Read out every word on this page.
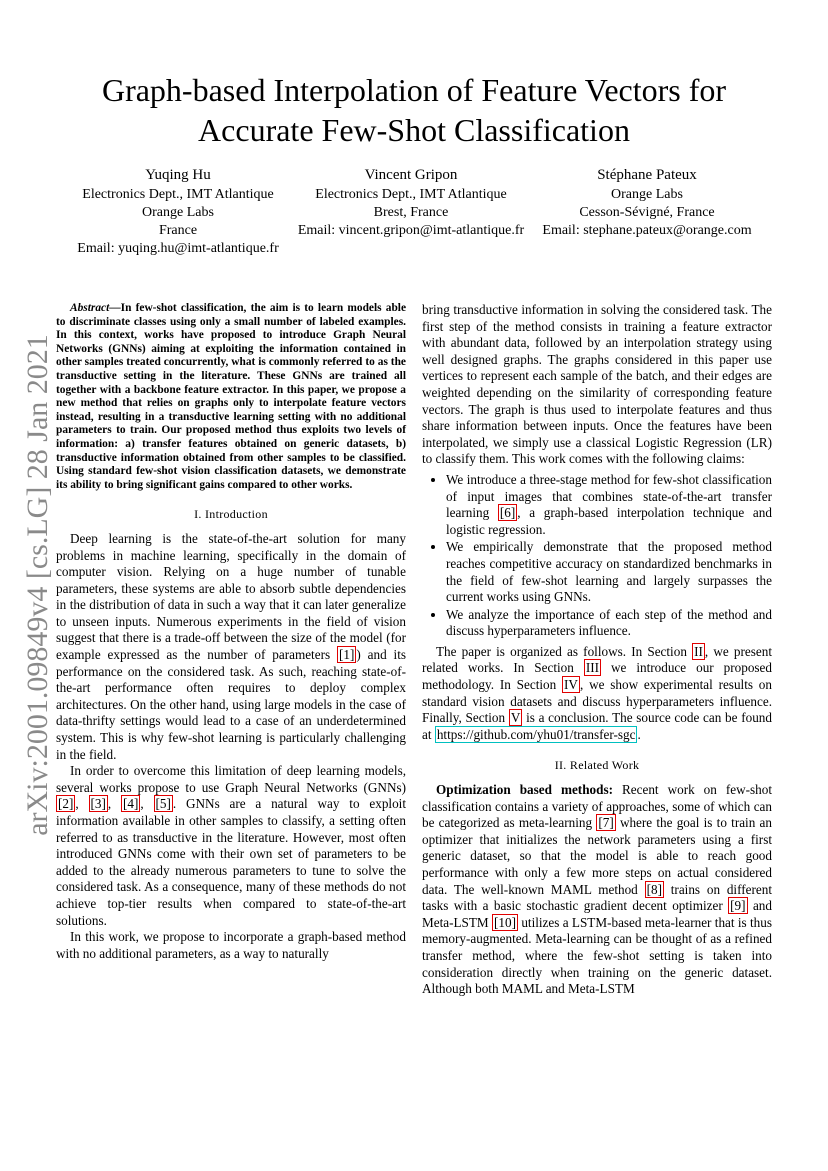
arXiv:2001.09849v4 [cs.LG] 28 Jan 2021
Graph-based Interpolation of Feature Vectors for Accurate Few-Shot Classification
Yuqing Hu
Electronics Dept., IMT Atlantique
Orange Labs
France
Email: yuqing.hu@imt-atlantique.fr
Vincent Gripon
Electronics Dept., IMT Atlantique
Brest, France
Email: vincent.gripon@imt-atlantique.fr
Stéphane Pateux
Orange Labs
Cesson-Sévigné, France
Email: stephane.pateux@orange.com
Abstract—In few-shot classification, the aim is to learn models able to discriminate classes using only a small number of labeled examples. In this context, works have proposed to introduce Graph Neural Networks (GNNs) aiming at exploiting the information contained in other samples treated concurrently, what is commonly referred to as the transductive setting in the literature. These GNNs are trained all together with a backbone feature extractor. In this paper, we propose a new method that relies on graphs only to interpolate feature vectors instead, resulting in a transductive learning setting with no additional parameters to train. Our proposed method thus exploits two levels of information: a) transfer features obtained on generic datasets, b) transductive information obtained from other samples to be classified. Using standard few-shot vision classification datasets, we demonstrate its ability to bring significant gains compared to other works.
I. Introduction

Deep learning is the state-of-the-art solution for many problems in machine learning, specifically in the domain of computer vision. Relying on a huge number of tunable parameters, these systems are able to absorb subtle dependencies in the distribution of data in such a way that it can later generalize to unseen inputs. Numerous experiments in the field of vision suggest that there is a trade-off between the size of the model (for example expressed as the number of parameters [1] ) and its performance on the considered task. As such, reaching state-of-the-art performance often requires to deploy complex architectures. On the other hand, using large models in the case of data-thrifty settings would lead to a case of an underdetermined system. This is why few-shot learning is particularly challenging in the field.

In order to overcome this limitation of deep learning models, several works propose to use Graph Neural Networks (GNNs) [2] , [3] , [4] , [5] . GNNs are a natural way to exploit information available in other samples to classify, a setting often referred to as transductive in the literature. However, most often introduced GNNs come with their own set of parameters to be added to the already numerous parameters to tune to solve the considered task. As a consequence, many of these methods do not achieve top-tier results when compared to state-of-the-art solutions.

In this work, we propose to incorporate a graph-based method with no additional parameters, as a way to naturally

bring transductive information in solving the considered task. The first step of the method consists in training a feature extractor with abundant data, followed by an interpolation strategy using well designed graphs. The graphs considered in this paper use vertices to represent each sample of the batch, and their edges are weighted depending on the similarity of corresponding feature vectors. The graph is thus used to interpolate features and thus share information between inputs. Once the features have been interpolated, we simply use a classical Logistic Regression (LR) to classify them. This work comes with the following claims:

• We introduce a three-stage method for few-shot classification of input images that combines state-of-the-art transfer learning [6] , a graph-based interpolation technique and logistic regression.
• We empirically demonstrate that the proposed method reaches competitive accuracy on standardized benchmarks in the field of few-shot learning and largely surpasses the current works using GNNs.
• We analyze the importance of each step of the method and discuss hyperparameters influence.

The paper is organized as follows. In Section II , we present related works. In Section III we introduce our proposed methodology. In Section IV , we show experimental results on standard vision datasets and discuss hyperparameters influence. Finally, Section V is a conclusion. The source code can be found at https://github.com/yhu01/transfer-sgc .

II. Related Work

Optimization based methods: Recent work on few-shot classification contains a variety of approaches, some of which can be categorized as meta-learning [7] where the goal is to train an optimizer that initializes the network parameters using a first generic dataset, so that the model is able to reach good performance with only a few more steps on actual considered data. The well-known MAML method [8] trains on different tasks with a basic stochastic gradient decent optimizer [9] and Meta-LSTM [10] utilizes a LSTM-based meta-learner that is thus memory-augmented. Meta-learning can be thought of as a refined transfer method, where the few-shot setting is taken into consideration directly when training on the generic dataset. Although both MAML and Meta-LSTM
